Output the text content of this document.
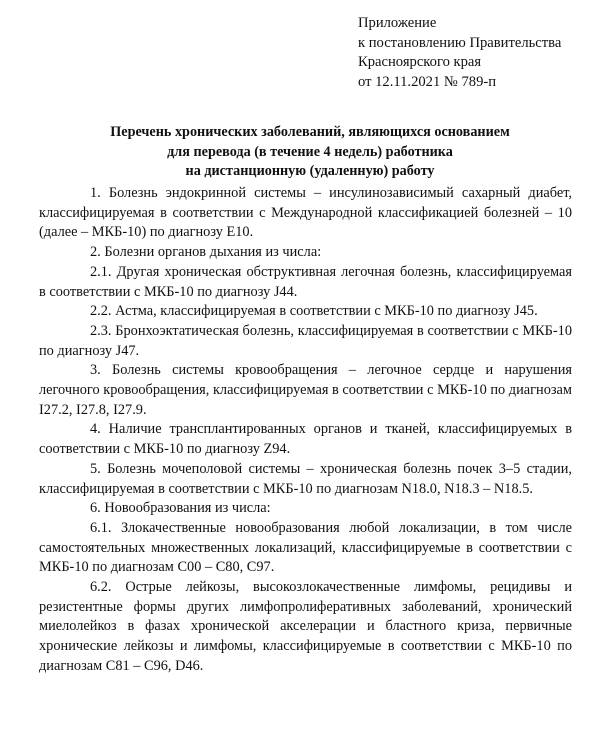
Приложение
к постановлению Правительства
Красноярского края
от 12.11.2021 № 789-п
Перечень хронических заболеваний, являющихся основанием
для перевода (в течение 4 недель) работника
на дистанционную (удаленную) работу

1. Болезнь эндокринной системы – инсулинозависимый сахарный диабет, классифицируемая в соответствии с Международной классификацией болезней – 10 (далее – МКБ-10) по диагнозу E10.

2. Болезни органов дыхания из числа:

2.1. Другая хроническая обструктивная легочная болезнь, классифицируемая в соответствии с МКБ-10 по диагнозу J44.

2.2. Астма, классифицируемая в соответствии с МКБ-10 по диагнозу J45.

2.3. Бронхоэктатическая болезнь, классифицируемая в соответствии с МКБ-10 по диагнозу J47.

3. Болезнь системы кровообращения – легочное сердце и нарушения легочного кровообращения, классифицируемая в соответствии с МКБ-10 по диагнозам I27.2, I27.8, I27.9.

4. Наличие трансплантированных органов и тканей, классифицируемых в соответствии с МКБ-10 по диагнозу Z94.

5. Болезнь мочеполовой системы – хроническая болезнь почек 3–5 стадии, классифицируемая в соответствии с МКБ-10 по диагнозам N18.0, N18.3 – N18.5.

6. Новообразования из числа:

6.1. Злокачественные новообразования любой локализации, в том числе самостоятельных множественных локализаций, классифицируемые в соответствии с МКБ-10 по диагнозам C00 – C80, C97.

6.2. Острые лейкозы, высокозлокачественные лимфомы, рецидивы и резистентные формы других лимфопролиферативных заболеваний, хронический миелолейкоз в фазах хронической акселерации и бластного криза, первичные хронические лейкозы и лимфомы, классифицируемые в соответствии с МКБ-10 по диагнозам C81 – C96, D46.
